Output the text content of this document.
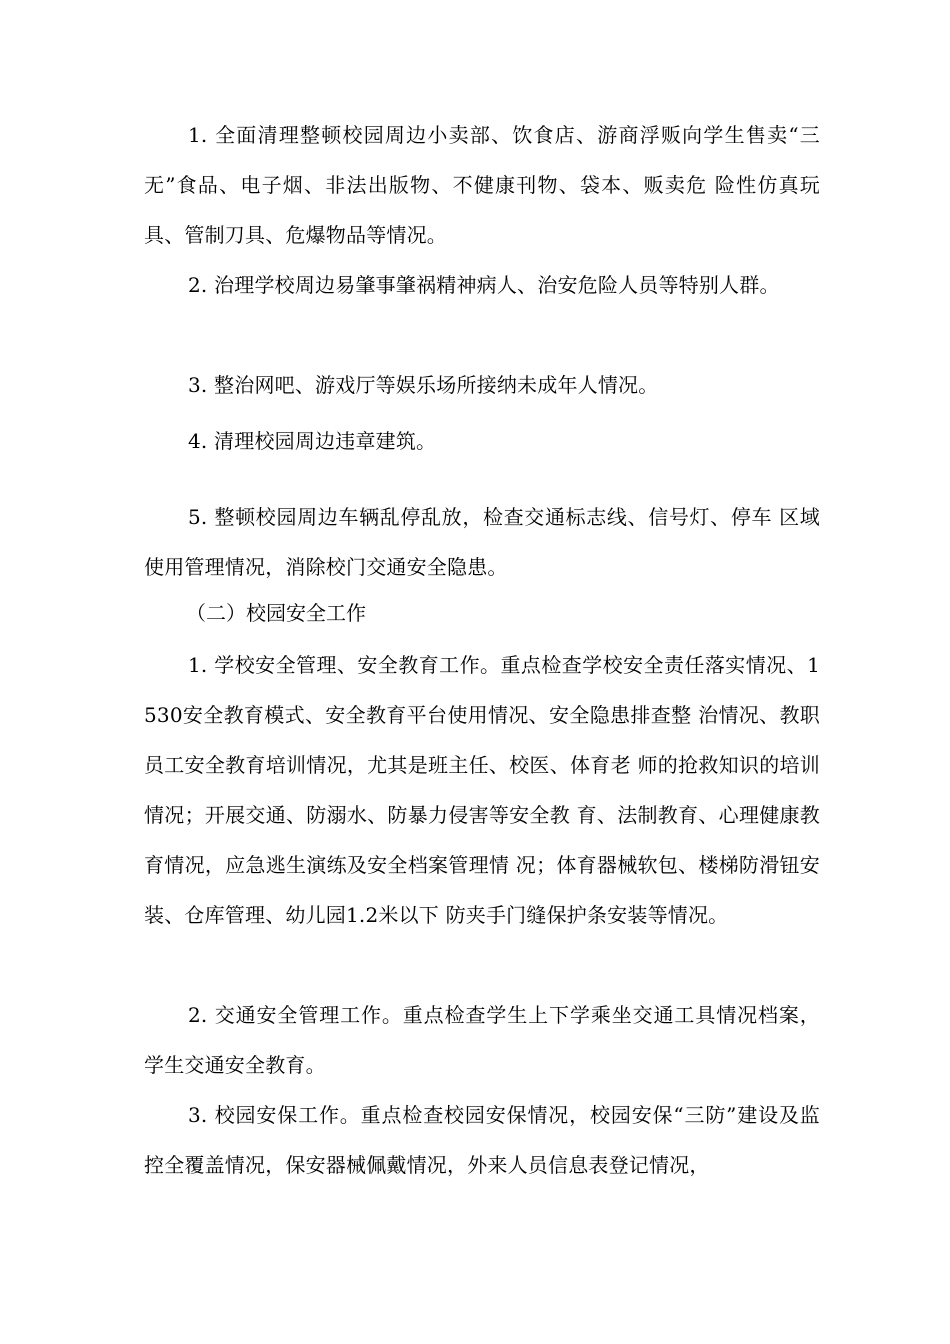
1. 全面清理整顿校园周边小卖部、饮食店、游商浮贩向学生售卖“三无”食品、电子烟、非法出版物、不健康刊物、袋本、贩卖危 险性仿真玩具、管制刀具、危爆物品等情况。

2. 治理学校周边易肇事肇祸精神病人、治安危险人员等特别人群。

3. 整治网吧、游戏厅等娱乐场所接纳未成年人情况。

4. 清理校园周边违章建筑。

5. 整顿校园周边车辆乱停乱放，检查交通标志线、信号灯、停车 区域使用管理情况，消除校门交通安全隐患。

（二）校园安全工作

1. 学校安全管理、安全教育工作。重点检查学校安全责任落实情况、1530安全教育模式、安全教育平台使用情况、安全隐患排查整 治情况、教职员工安全教育培训情况，尤其是班主任、校医、体育老 师的抢救知识的培训情况；开展交通、防溺水、防暴力侵害等安全教 育、法制教育、心理健康教育情况，应急逃生演练及安全档案管理情 况；体育器械软包、楼梯防滑钮安装、仓库管理、幼儿园1.2米以下 防夹手门缝保护条安装等情况。

2. 交通安全管理工作。重点检查学生上下学乘坐交通工具情况档案，学生交通安全教育。

3. 校园安保工作。重点检查校园安保情况，校园安保“三防”建设及监控全覆盖情况，保安器械佩戴情况，外来人员信息表登记情况，
